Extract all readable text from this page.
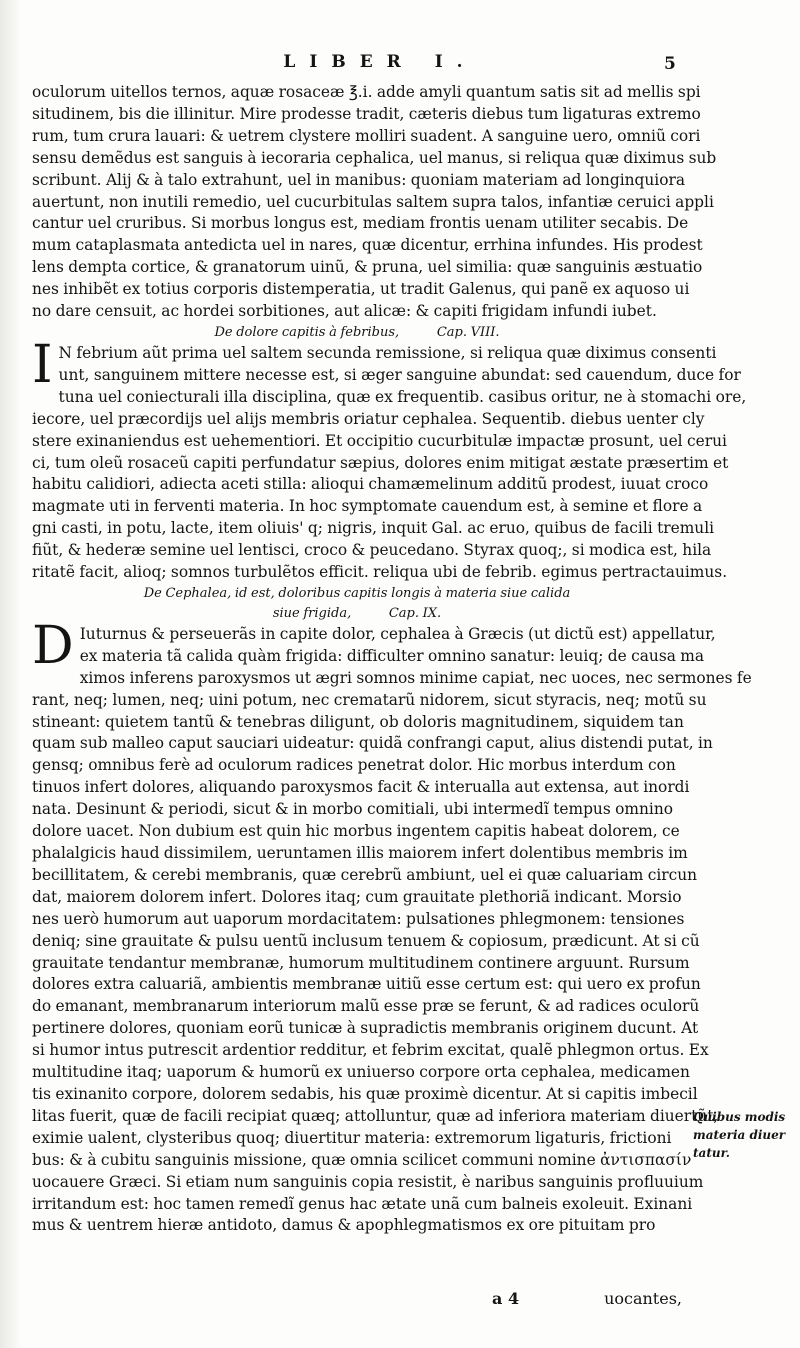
LIBER I.	5
oculorum uitellos ternos, aquæ rosaceæ ℥.i. adde amyli quantum satis sit ad mellis spi
situdinem, bis die illinitur. Mire prodesse tradit, cæteris diebus tum ligaturas extremo
rum, tum crura lauari: & uetrem clystere molliri suadent. A sanguine uero, omniũ cori
sensu demẽdus est sanguis à iecoraria cephalica, uel manus, si reliqua quæ diximus sub
scribunt. Alij & à talo extrahunt, uel in manibus: quoniam materiam ad longinquiora
auertunt, non inutili remedio, uel cucurbitulas saltem supra talos, infantiæ ceruici appli
cantur uel cruribus. Si morbus longus est, mediam frontis uenam utiliter secabis. De
mum cataplasmata antedicta uel in nares, quæ dicentur, errhina infundes. His prodest
lens dempta cortice, & granatorum uinũ, & pruna, uel similia: quæ sanguinis æstuatio
nes inhibẽt ex totius corporis distemperatia, ut tradit Galenus, qui panẽ ex aquoso ui
no dare censuit, ac hordei sorbitiones, aut alicæ: & capiti frigidam infundi iubet.
De dolore capitis à febribus,	Cap. VIII.
I N febrium aũt prima uel saltem secunda remissione, si reliqua quæ diximus consenti
unt, sanguinem mittere necesse est, si æger sanguine abundat: sed cauendum, duce for
tuna uel coniecturali illa disciplina, quæ ex frequentib. casibus oritur, ne à stomachi ore,
iecore, uel præcordijs uel alijs membris oriatur cephalea. Sequentib. diebus uenter cly
stere exinaniendus est uehementiori. Et occipitio cucurbitulæ impactæ prosunt, uel cerui
ci, tum oleũ rosaceũ capiti perfundatur sæpius, dolores enim mitigat æstate præsertim et
habitu calidiori, adiecta aceti stilla: alioqui chamæmelinum additũ prodest, iuuat croco
magmate uti in ferventi materia. In hoc symptomate cauendum est, à semine et flore a
gni casti, in potu, lacte, item oliuis' q; nigris, inquit Gal. ac eruo, quibus de facili tremuli
fiũt, & hederæ semine uel lentisci, croco & peucedano. Styrax quoq;, si modica est, hila
ritatẽ facit, alioq; somnos turbulẽtos efficit. reliqua ubi de febrib. egimus pertractauimus.
De Cephalea, id est, doloribus capitis longis à materia siue calida
siue frigida,	Cap. IX.
D Iuturnus & perseuerãs in capite dolor, cephalea à Græcis (ut dictũ est) appellatur,
ex materia tã calida quàm frigida: difficulter omnino sanatur: leuiq; de causa ma
ximos inferens paroxysmos ut ægri somnos minime capiat, nec uoces, nec sermones fe
rant, neq; lumen, neq; uini potum, nec crematarũ nidorem, sicut styracis, neq; motũ su
stineant: quietem tantũ & tenebras diligunt, ob doloris magnitudinem, siquidem tan
quam sub malleo caput sauciari uideatur: quidã confrangi caput, alius distendi putat, in
gensq; omnibus ferè ad oculorum radices penetrat dolor. Hic morbus interdum con
tinuos infert dolores, aliquando paroxysmos facit & interualla aut extensa, aut inordi
nata. Desinunt & periodi, sicut & in morbo comitiali, ubi intermedĩ tempus omnino
dolore uacet. Non dubium est quin hic morbus ingentem capitis habeat dolorem, ce
phalalgicis haud dissimilem, ueruntamen illis maiorem infert dolentibus membris im
becillitatem, & cerebi membranis, quæ cerebrũ ambiunt, uel ei quæ caluariam circun
dat, maiorem dolorem infert. Dolores itaq; cum grauitate plethoriã indicant. Morsio
nes uerò humorum aut uaporum mordacitatem: pulsationes phlegmonem: tensiones
deniq; sine grauitate & pulsu uentũ inclusum tenuem & copiosum, prædicunt. At si cũ
grauitate tendantur membranæ, humorum multitudinem continere arguunt. Rursum
dolores extra caluariã, ambientis membranæ uitiũ esse certum est: qui uero ex profun
do emanant, membranarum interiorum malũ esse præ se ferunt, & ad radices oculorũ
pertinere dolores, quoniam eorũ tunicæ à supradictis membranis originem ducunt. At
si humor intus putrescit ardentior redditur, et febrim excitat, qualẽ phlegmon ortus. Ex
multitudine itaq; uaporum & humorũ ex uniuerso corpore orta cephalea, medicamen
tis exinanito corpore, dolorem sedabis, his quæ proximè dicentur. At si capitis imbecil
litas fuerit, quæ de facili recipiat quæq; attolluntur, quæ ad inferiora materiam diuertũt,
eximie ualent, clysteribus quoq; diuertitur materia: extremorum ligaturis, frictioni
bus: & à cubitu sanguinis missione, quæ omnia scilicet communi nomine ἀντισπασίν
uocauere Græci. Si etiam num sanguinis copia resistit, è naribus sanguinis profluuium
irritandum est: hoc tamen remedĩ genus hac ætate unã cum balneis exoleuit. Exinani
mus & uentrem hieræ antidoto, damus & apophlegmatismos ex ore pituitam pro
Quibus modis
materia diuer
tatur.
a 4	uocantes,
